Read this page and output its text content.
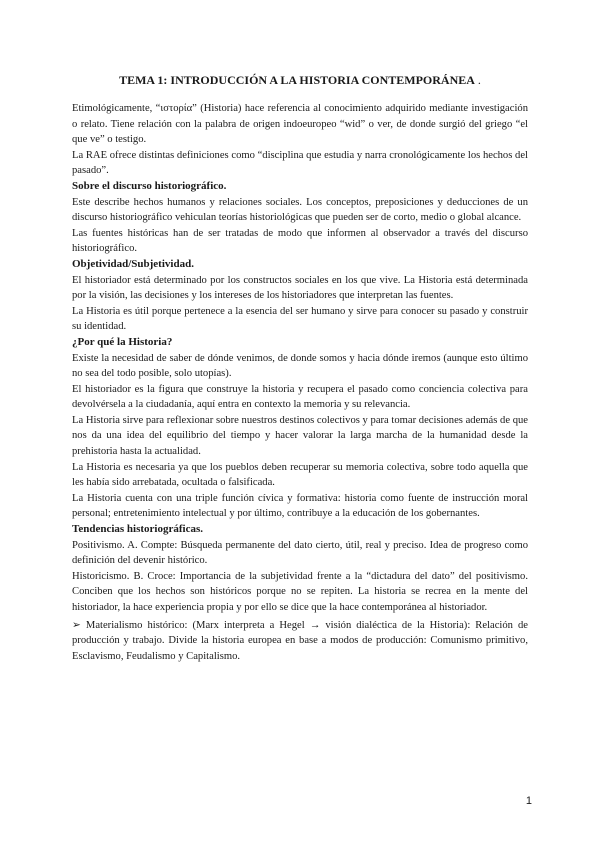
TEMA 1: INTRODUCCIÓN A LA HISTORIA CONTEMPORÁNEA .

Etimológicamente, “ιστορία” (Historia) hace referencia al conocimiento adquirido mediante investigación o relato. Tiene relación con la palabra de origen indoeuropeo “wid” o ver, de donde surgió del griego “el que ve” o testigo.

La RAE ofrece distintas definiciones como “disciplina que estudia y narra cronológicamente los hechos del pasado”.

Sobre el discurso historiográfico.

Este describe hechos humanos y relaciones sociales. Los conceptos, preposiciones y deducciones de un discurso historiográfico vehiculan teorías historiológicas que pueden ser de corto, medio o global alcance.

Las fuentes históricas han de ser tratadas de modo que informen al observador a través del discurso historiográfico.

Objetividad/Subjetividad.

El historiador está determinado por los constructos sociales en los que vive. La Historia está determinada por la visión, las decisiones y los intereses de los historiadores que interpretan las fuentes.

La Historia es útil porque pertenece a la esencia del ser humano y sirve para conocer su pasado y construir su identidad.

¿Por qué la Historia?

Existe la necesidad de saber de dónde venimos, de donde somos y hacia dónde iremos (aunque esto último no sea del todo posible, solo utopías).

El historiador es la figura que construye la historia y recupera el pasado como conciencia colectiva para devolvérsela a la ciudadanía, aquí entra en contexto la memoria y su relevancia.

La Historia sirve para reflexionar sobre nuestros destinos colectivos y para tomar decisiones además de que nos da una idea del equilibrio del tiempo y hacer valorar la larga marcha de la humanidad desde la prehistoria hasta la actualidad.

La Historia es necesaria ya que los pueblos deben recuperar su memoria colectiva, sobre todo aquella que les había sido arrebatada, ocultada o falsificada.

La Historia cuenta con una triple función cívica y formativa: historia como fuente de instrucción moral personal; entretenimiento intelectual y por último, contribuye a la educación de los gobernantes.

Tendencias historiográficas.

Positivismo. A. Compte: Búsqueda permanente del dato cierto, útil, real y preciso. Idea de progreso como definición del devenir histórico.

Historicismo. B. Croce: Importancia de la subjetividad frente a la “dictadura del dato” del positivismo. Conciben que los hechos son históricos porque no se repiten. La historia se recrea en la mente del historiador, la hace experiencia propia y por ello se dice que la hace contemporánea al historiador.

➢ Materialismo histórico: (Marx interpreta a Hegel → visión dialéctica de la Historia): Relación de producción y trabajo. Divide la historia europea en base a modos de producción: Comunismo primitivo, Esclavismo, Feudalismo y Capitalismo.

1
